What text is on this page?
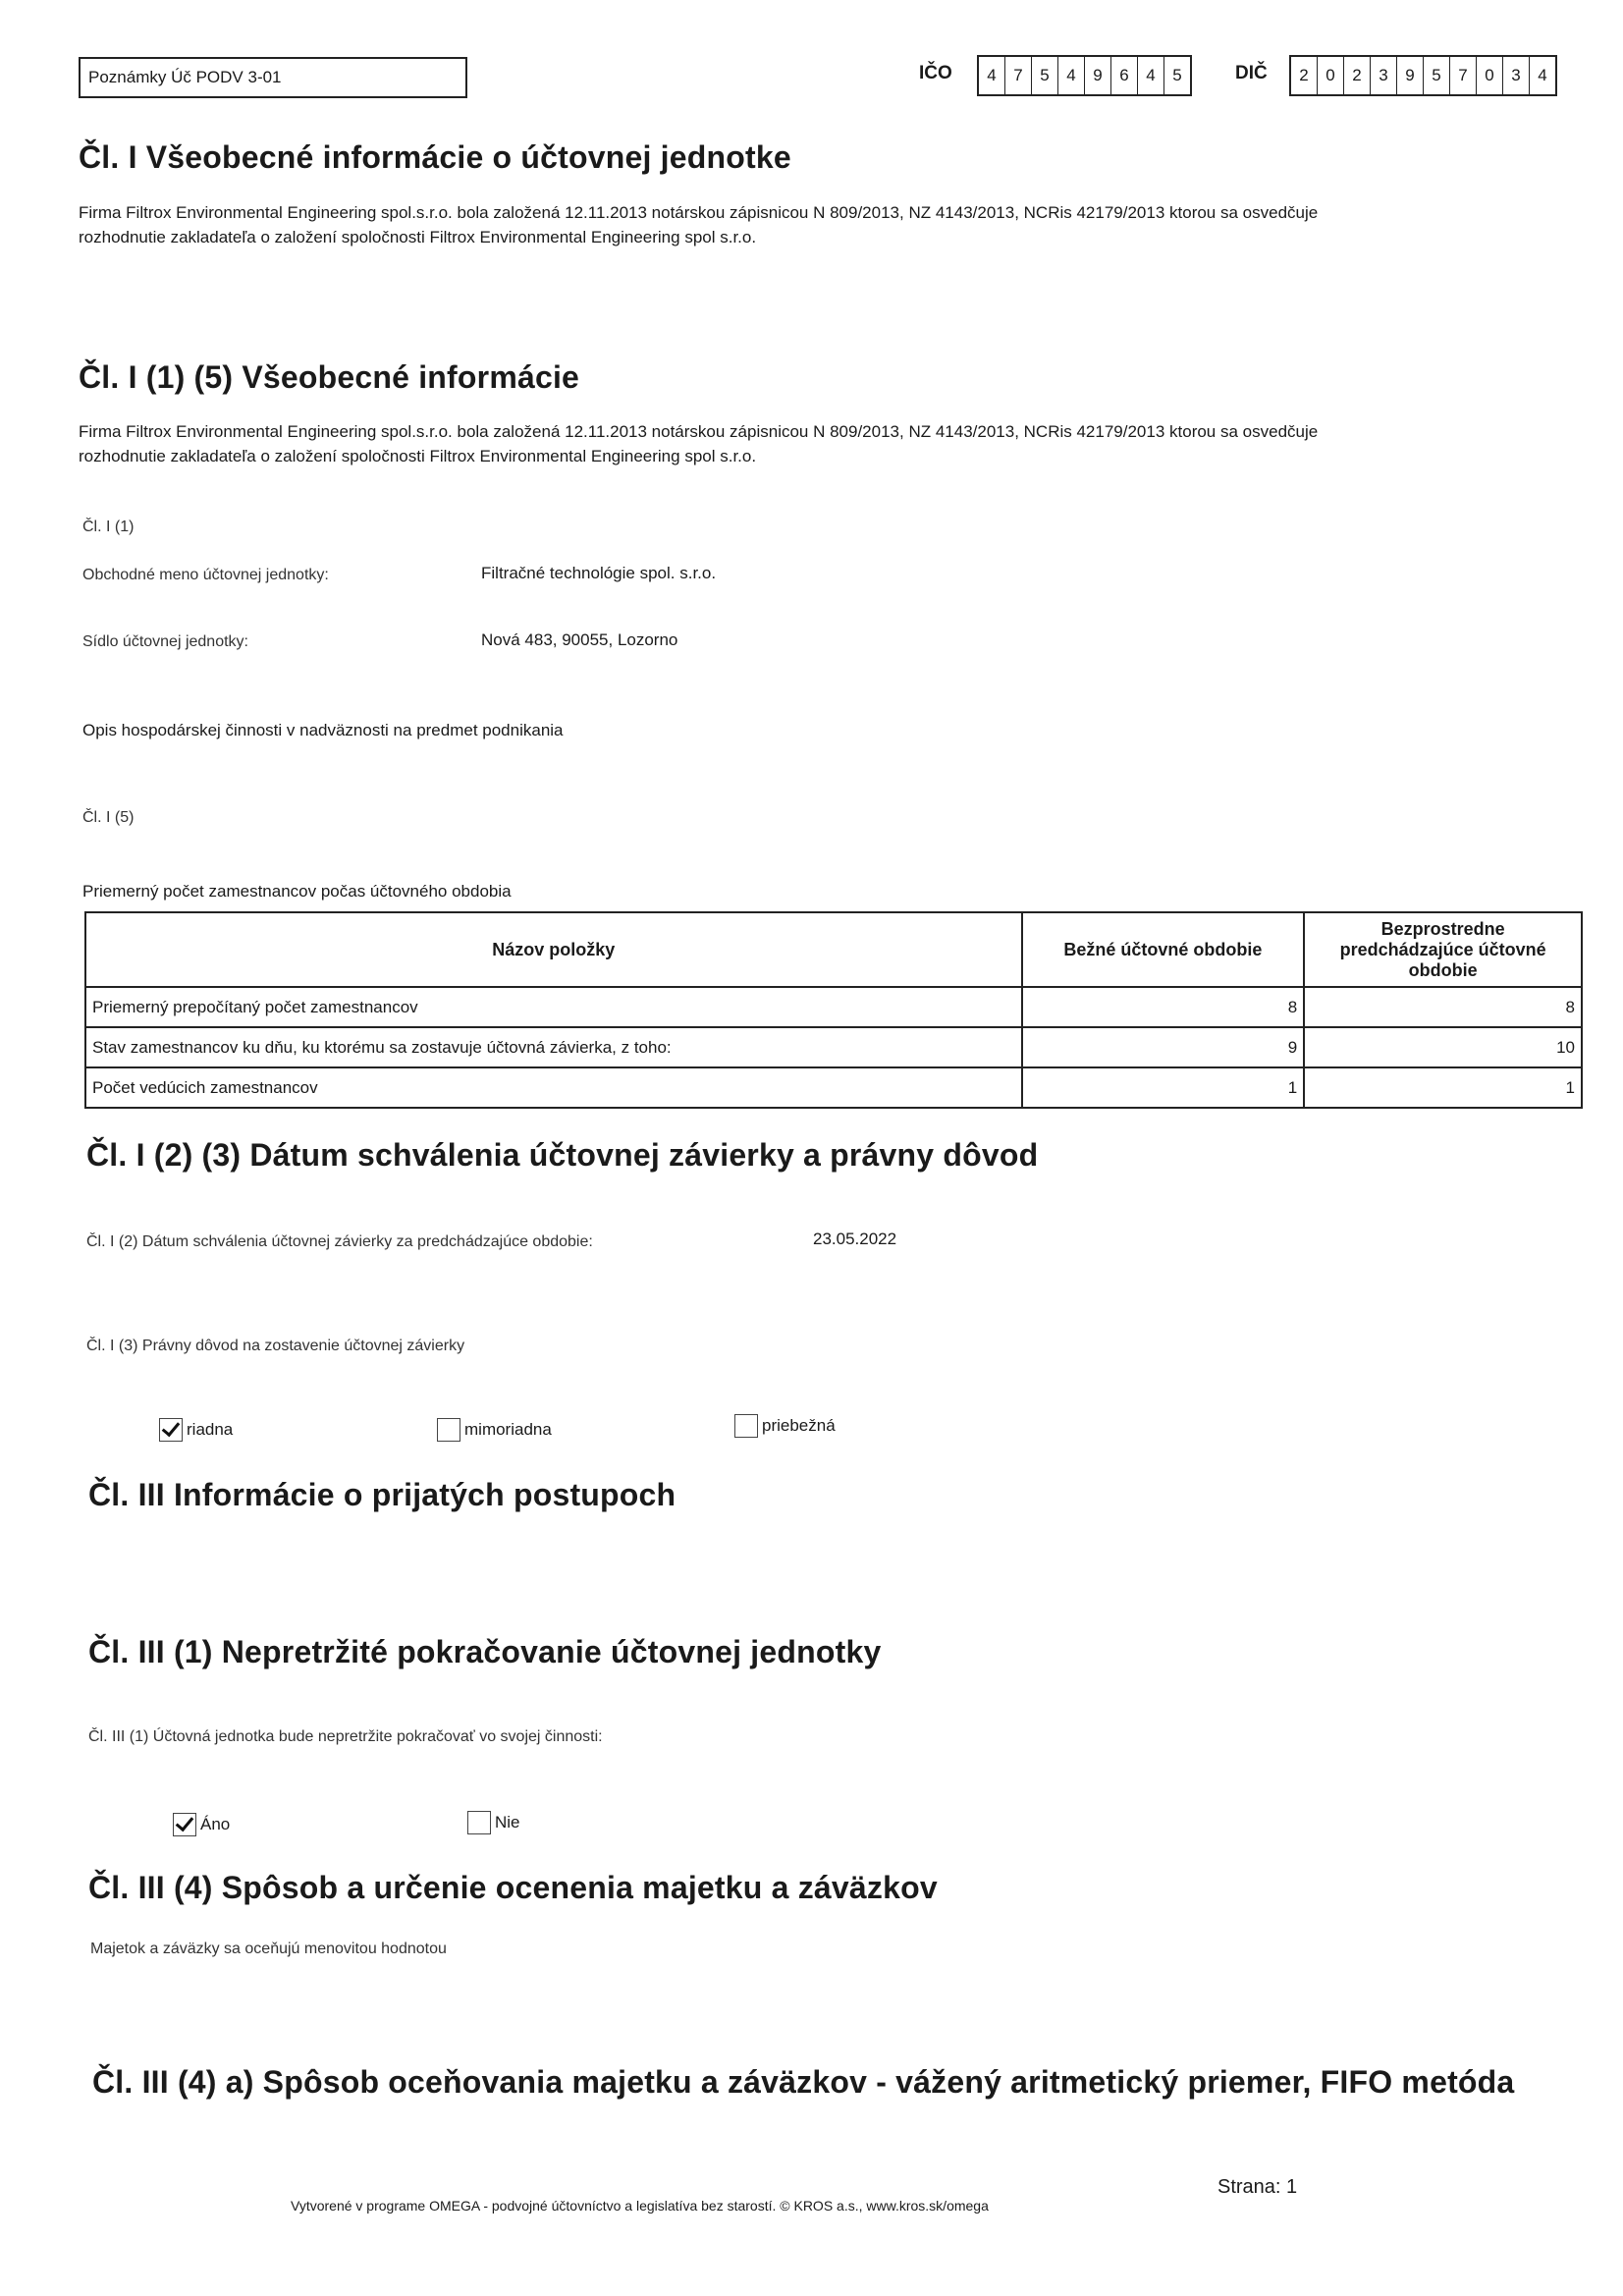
Poznámky Úč PODV 3-01	IČO	4	7	5	4	9	6	4	5	DIČ	2	0	2	3	9	5	7	0	3	4
Čl. I Všeobecné informácie o účtovnej jednotke
Firma Filtrox Environmental Engineering spol.s.r.o. bola založená 12.11.2013 notárskou zápisnicou N 809/2013, NZ 4143/2013, NCRis 42179/2013 ktorou sa osvedčuje
rozhodnutie zakladateľa o založení spoločnosti Filtrox Environmental Engineering spol s.r.o.
Čl. I (1) (5) Všeobecné informácie
Firma Filtrox Environmental Engineering spol.s.r.o. bola založená 12.11.2013 notárskou zápisnicou N 809/2013, NZ 4143/2013, NCRis 42179/2013 ktorou sa osvedčuje
rozhodnutie zakladateľa o založení spoločnosti Filtrox Environmental Engineering spol s.r.o.
Čl. I (1)
Obchodné meno účtovnej jednotky:	Filtračné technológie spol. s.r.o.
Sídlo účtovnej jednotky:	Nová 483, 90055, Lozorno
Opis hospodárskej činnosti v nadväznosti na predmet podnikania
Čl. I (5)
Priemerný počet zamestnancov počas účtovného obdobia
Názov položky	Bežné účtovné obdobie	Bezprostredne
predchádzajúce účtovné
obdobie

Priemerný prepočítaný počet zamestnancov	8	8
Stav zamestnancov ku dňu, ku ktorému sa zostavuje účtovná závierka, z toho:	9	10
Počet vedúcich zamestnancov	1	1
Čl. I (2) (3) Dátum schválenia účtovnej závierky a právny dôvod
Čl. I (2) Dátum schválenia účtovnej závierky za predchádzajúce obdobie:	23.05.2022
Čl. I (3) Právny dôvod na zostavenie účtovnej závierky
riadna	mimoriadna	priebežná
Čl. III Informácie o prijatých postupoch
Čl. III (1) Nepretržité pokračovanie účtovnej jednotky
Čl. III (1) Účtovná jednotka bude nepretržite pokračovať vo svojej činnosti:
Áno	Nie
Čl. III (4) Spôsob a určenie ocenenia majetku a záväzkov
Majetok a záväzky sa oceňujú menovitou hodnotou
Čl. III (4) a) Spôsob oceňovania majetku a záväzkov - vážený aritmetický priemer, FIFO metóda
Strana: 1
Vytvorené v programe OMEGA - podvojné účtovníctvo a legislatíva bez starostí. © KROS a.s., www.kros.sk/omega
